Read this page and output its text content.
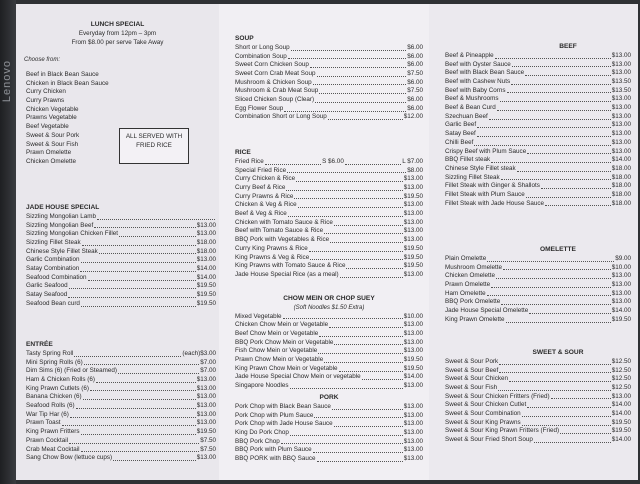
Lenovo
LUNCH SPECIAL
Everyday from 12pm – 3pm
From $8.00 per serve Take Away
Choose from:
Beef in Black Bean Sauce
Chicken in Black Bean Sauce
Curry Chicken
Curry Prawns
Chicken Vegetable
Prawns Vegetable
Beef Vegetable
Sweet & Sour Pork
Sweet & Sour Fish
Prawn Omelette
Chicken Omelette
ALL SERVED WITH
FRIED RICE
JADE HOUSE SPECIAL
Sizzling Mongolian Lamb
Sizzling Mongolian Beef	$13.00
Sizzling Mongolian Chicken Fillet	$13.00
Sizzling Fillet Steak	$18.00
Chinese Style Fillet Steak	$18.00
Garlic Combination	$13.00
Satay Combination	$14.00
Seafood Combination	$14.00
Garlic Seafood	$19.50
Satay Seafood	$19.50
Seafood Bean curd	$19.50
ENTRÉE
Tasty Spring Roll	(each)$3.00
Mini Spring Rolls (6)	$7.00
Dim Sims (6) (Fried or Steamed)	$7.00
Ham & Chicken Rolls (6)	$13.00
King Prawn Cutlets (6)	$13.00
Banana Chicken (6)	$13.00
Seafood Rolls (6)	$13.00
War Tip Har (6)	$13.00
Prawn Toast	$13.00
King Prawn Fritters	$19.50
Prawn Cocktail	$7.50
Crab Meat Cocktail	$7.50
Sang Chow Bow (lettuce cups)	$13.00
SOUP
Short or Long Soup	$6.00
Combination Soup	$6.00
Sweet Corn Chicken Soup	$6.00
Sweet Corn Crab Meat Soup	$7.50
Mushroom & Chicken Soup	$6.00
Mushroom & Crab Meat Soup	$7.50
Sliced Chicken Soup (Clear)	$6.00
Egg Flower Soup	$6.00
Combination Short or Long Soup	$12.00
RICE
Fried Rice	S $6.00	L $7.00
Special Fried Rice	$8.00
Curry Chicken & Rice	$13.00
Curry Beef & Rice	$13.00
Curry Prawns & Rice	$19.50
Chicken & Veg & Rice	$13.00
Beef & Veg & Rice	$13.00
Chicken with Tomato Sauce & Rice	$13.00
Beef with Tomato Sauce & Rice	$13.00
BBQ Pork with Vegetables & Rice	$13.00
Curry King Prawns & Rice	$19.50
King Prawns & Veg & Rice	$19.50
King Prawns with Tomato Sauce & Rice	$19.50
Jade House Special Rice (as a meal)	$13.00
CHOW MEIN OR CHOP SUEY
(Soft Noodles $1.50 Extra)
Mixed Vegetable	$10.00
Chicken Chow Mein or Vegetable	$13.00
Beef Chow Mein or Vegetable	$13.00
BBQ Pork Chow Mein or Vegetable	$13.00
Fish Chow Mein or Vegetable	$13.00
Prawn Chow Mein or Vegetable	$19.50
King Prawn Chow Mein or Vegetable	$19.50
Jade House Special Chow Mein or vegetable	$14.00
Singapore Noodles	$13.00
PORK
Pork Chop with Black Bean Sauce	$13.00
Pork Chop with Plum Sauce	$13.00
Pork Chop with Jade House Sauce	$13.00
King Do Pork Chop	$13.00
BBQ Pork Chop	$13.00
BBQ Pork with Plum Sauce	$13.00
BBQ PORK with BBQ Sauce	$13.00
BEEF
Beef & Pineapple	$13.00
Beef with Oyster Sauce	$13.00
Beef with Black Bean Sauce	$13.00
Beef with Cashew Nuts	$13.50
Beef with Baby Corns	$13.50
Beef & Mushrooms	$13.00
Beef & Bean Curd	$13.00
Szechuan Beef	$13.00
Garlic Beef	$13.00
Satay Beef	$13.00
Chilli Beef	$13.00
Crispy Beef with Plum Sauce	$13.00
BBQ Fillet steak	$14.00
Chinese Style Fillet steak	$18.00
Sizzling Fillet Steak	$18.00
Fillet Steak with Ginger & Shallots	$18.00
Fillet Steak with Plum Sauce	$18.00
Fillet Steak with Jade House Sauce	$18.00
OMELETTE
Plain Omelette	$9.00
Mushroom Omelette	$10.00
Chicken Omelette	$13.00
Prawn Omelette	$13.00
Ham Omelette	$13.00
BBQ Pork Omelette	$13.00
Jade House Special Omelette	$14.00
King Prawn Omelette	$19.50
SWEET & SOUR
Sweet & Sour Pork	$12.50
Sweet & Sour Beef	$12.50
Sweet & Sour Chicken	$12.50
Sweet & Sour Fish	$12.50
Sweet & Sour Chicken Fritters (Fried)	$13.00
Sweet & Sour Chicken Cutlet	$14.00
Sweet & Sour Combination	$14.00
Sweet & Sour King Prawns	$19.50
Sweet & Sour King Prawn Fritters (Fried)	$19.50
Sweet & Sour Fried Short Soup	$14.00
